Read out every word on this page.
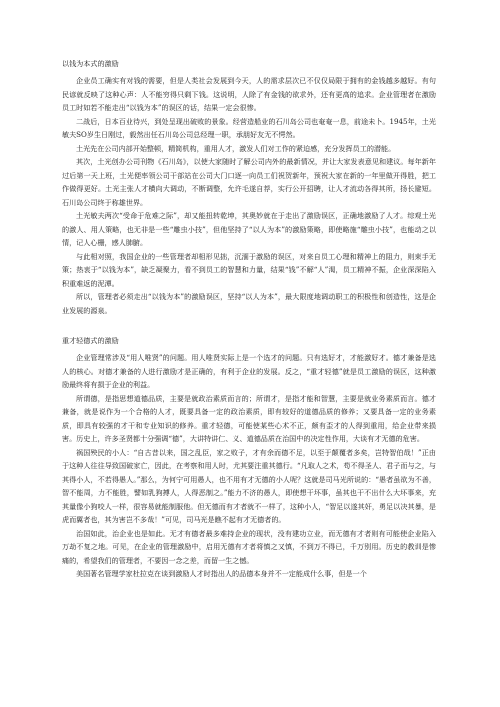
以钱为本式的激励

企业员工确实有对钱的需要，但是人类社会发展到今天，人的需求层次已不仅仅局限于拥有的金钱越多越好。有句民谚就反映了这种心声：人不能穷得只剩下钱。这说明，人除了有金钱的欲求外，还有更高的追求。企业管理者在激励员工时如若不能走出“以钱为本”的误区的话，结果一定会很惨。

二战后，日本百业待兴，到处呈现出破败的景象。经营造船业的石川岛公司也奄奄一息，前途未卜。1945年，土光敏夫SO岁生日刚过，毅然出任石川岛公司总经理一职，承朋好友无不愕然。

土光先在公司内部开始整顿，精简机构，重用人才，激发人们对工作的紧迫感，充分发挥员工的潜能。

其次，土光创办公司刊物《石川岛》，以使大家随时了解公司内外的最新情况，并让大家发表意见和建议。每年新年过后第一天上班，土光便率领公司干部站在公司大门口逐一向员工们祝贺新年，预祝大家在新的一年里做开得胜，把工作做得更好。土光主张人才横向大调动，不断调整，允许毛遂自荐，实行公开招聘，让人才流动各得其所，扬长避短。石川岛公司终于称雄世界。

土光敏夫两次“受命于危难之际”，却又能扭转乾坤，其奥妙就在于走出了激励误区，正确地激励了人才。综观土光的激人、用人策略，也无非是一些“雕虫小技”，但他坚持了“以人为本”的激励策略，即使略施“雕虫小技”，也能动之以情，记人心栅，感人肺腑。

与此相对照，我国企业的一些管理者却相形见拙，沉湎于激励的误区，对来自员工心理和精神上的阻力，则束手无策；热衷于“以钱为本”，缺乏凝聚力，看不到员工的智慧和力量，结果“钱”不解“人”渴，员工精神不振，企业深深陷入积重难返的泥潭。

所以，管理者必须走出“以钱为本”的激励误区，坚持“以人为本”，最大限度地调动职工的积极性和创造性，这是企业发展的源泉。

重才轻德式的激励

企业管理常涉及“用人唯贤”的问题。用人唯贤实际上是一个选才的问题。只有选好才，才能激好才。德才兼备是选人的核心。对德才兼备的人进行激励才是正确的，有利于企业的发展。反之，“重才轻德”就是员工激励的误区，这种激励最终将有损于企业的利益。

所谓德，是指思想道德品质，主要是就政治素质而言的；所谓才，是指才能和智慧，主要是就业务素质而言。德才兼备，就是说作为一个合格的人才，既要具备一定的政治素质，即有较好的道德品质的修养；又要具备一定的业务素质，即具有较强的才干和专业知识的修养。重才轻德，可能使某些心术不正，颇有歪才的人得到重用，给企业带来损害。历史上，许多圣贤都十分强调“德”，大讲特讲仁、义、道德品质在治国中的决定性作用，大谈有才无德的危害。

祸国殃民的小人：“自古昔以来，国之乱臣，家之败子，才有余而德不足，以至于颠覆者多矣，岂特智伯哉！”正由于这种人往往导致国破家亡，因此，在考察和用人时，尤其要注重其德行。“凡取人之术，苟不得圣人、君子而与之，与其得小人，不若得愚人。”那么，为何宁可用愚人，也不用有才无德的小人呢？这就是司马光所说的：“愚者虽欲为不善，智不能周，力不能胜，譬如乳狗搏人，人得恶制之。”能力不济的愚人，即使想干坏事，虽其也干不出什么大坏事来，充其量像小狗咬人一样，很容易就能制服他。但无德而有才者就不一样了，这种小人，“智足以遂其奸，勇足以决其暴，是虎而翼者也，其为害岂不多哉！”可见，司马光是瞧不起有才无德者的。

治国如此，治企业也是如此。无才有德者最多难持企业的现状，没有建功立业，而无德有才者则有可能使企业陷入万劫不复之地。可见，在企业的管理激励中，启用无德有才者将慎之又慎，不到万不得已，千万别用。历史的教训是惨痛的，希望我们的管理者，不要因一念之差，而留一生之憾。

美国著名管理学家杜拉克在谈到激励人才时指出人的品德本身并不一定能成什么事，但是一个
